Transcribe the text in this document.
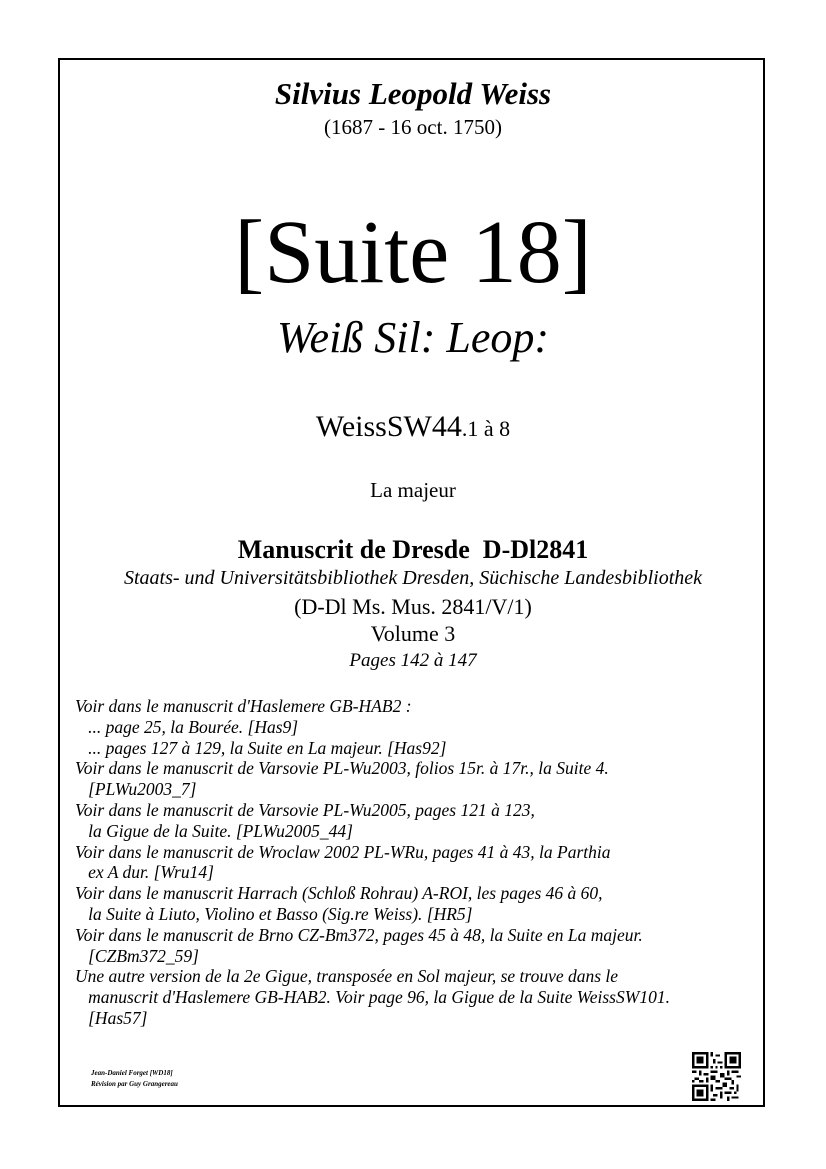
Silvius Leopold Weiss
(1687 - 16 oct. 1750)
[Suite 18]
Weiß Sil: Leop:
WeissSW44.1 à 8
La majeur
Manuscrit de Dresde  D-Dl2841
Staats- und Universitätsbibliothek Dresden, Süchische Landesbibliothek
(D-Dl Ms. Mus. 2841/V/1)
Volume 3
Pages 142 à 147
Voir dans le manuscrit d'Haslemere GB-HAB2 :
... page 25, la Bourée. [Has9]
... pages 127 à 129, la Suite en La majeur. [Has92]
Voir dans le manuscrit de Varsovie PL-Wu2003, folios 15r. à 17r., la Suite 4.
[PLWu2003_7]
Voir dans le manuscrit de Varsovie PL-Wu2005, pages 121 à 123,
la Gigue de la Suite. [PLWu2005_44]
Voir dans le manuscrit de Wroclaw 2002 PL-WRu, pages 41 à 43, la Parthia
ex A dur. [Wru14]
Voir dans le manuscrit Harrach (Schloß Rohrau) A-ROI, les pages 46 à 60,
la Suite à Liuto, Violino et Basso (Sig.re Weiss). [HR5]
Voir dans le manuscrit de Brno CZ-Bm372, pages 45 à 48, la Suite en La majeur.
[CZBm372_59]
Une autre version de la 2e Gigue, transposée en Sol majeur, se trouve dans le
manuscrit d'Haslemere GB-HAB2. Voir page 96, la Gigue de la Suite WeissSW101.
[Has57]
Jean-Daniel Forget [WD18]
Révision par Guy Grangereau
